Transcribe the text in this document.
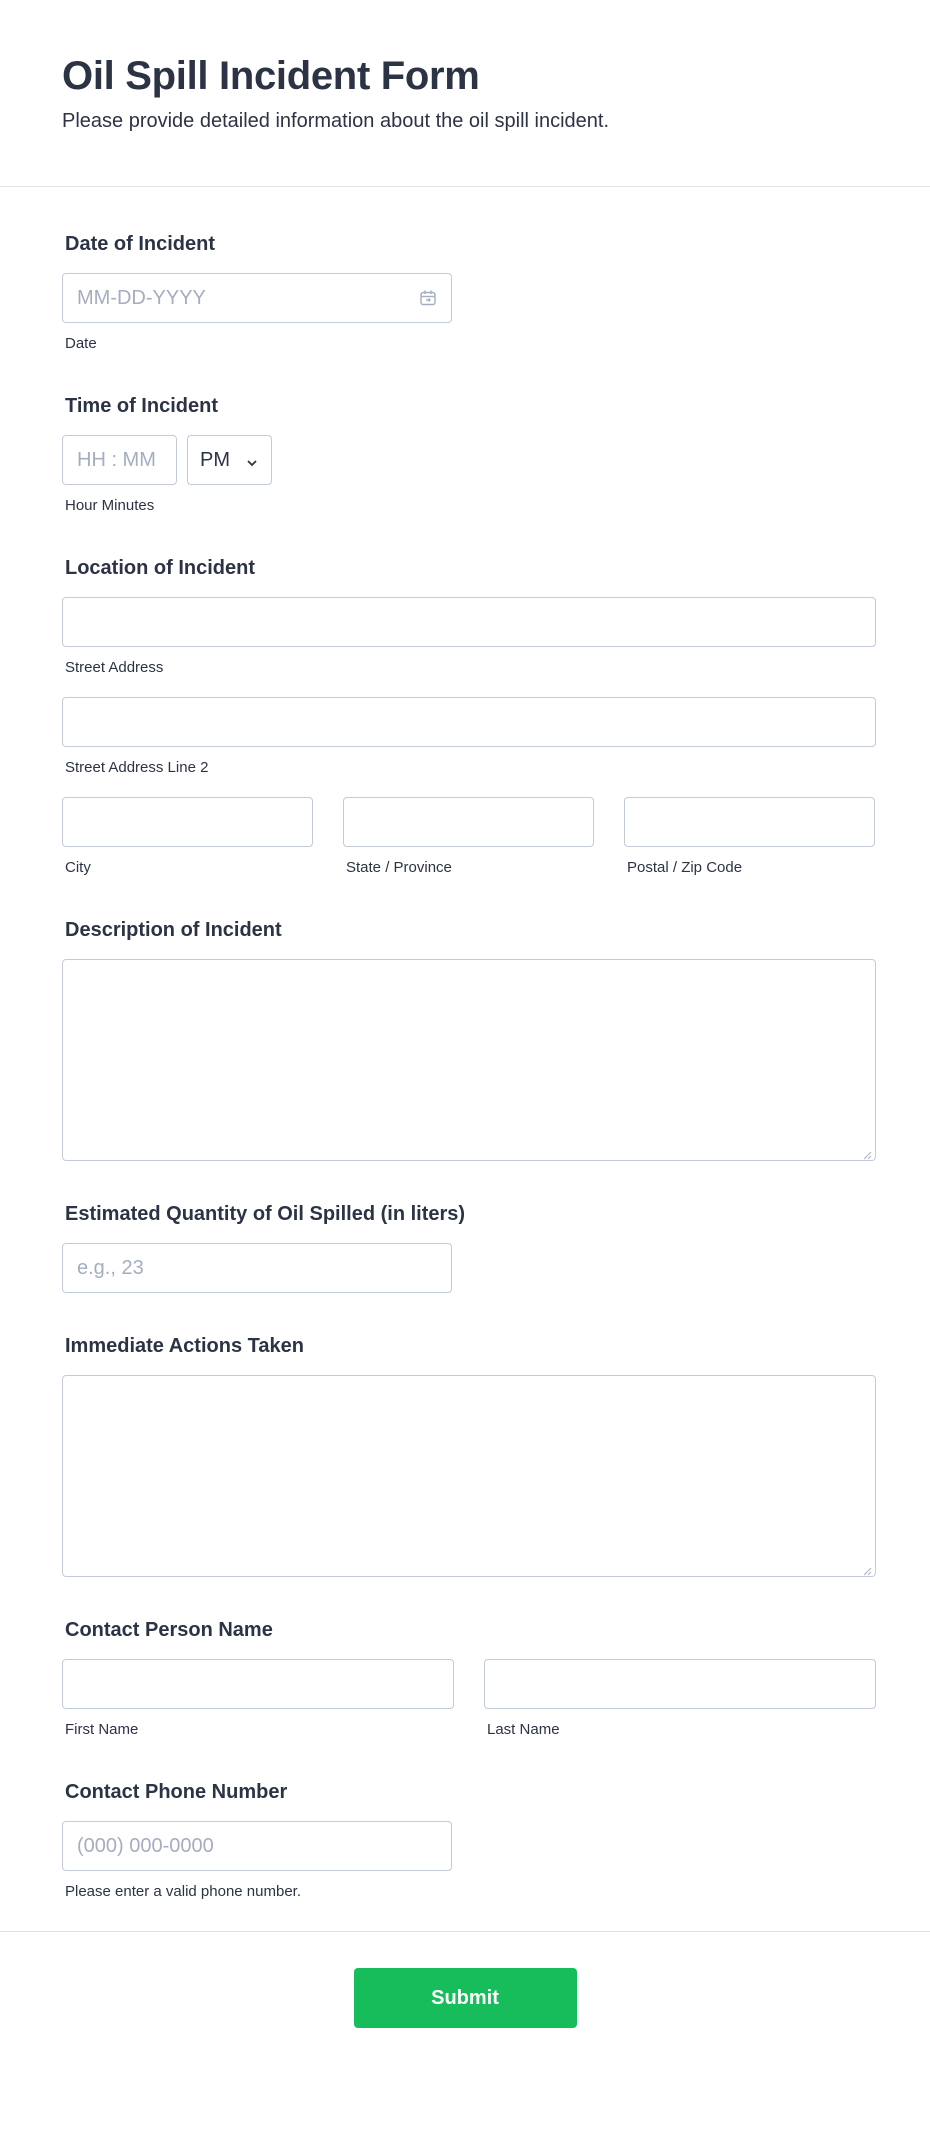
Oil Spill Incident Form

Please provide detailed information about the oil spill incident.

Date of Incident
MM-DD-YYYY
Date
Time of Incident
HH : MM PM
Hour Minutes
Location of Incident
Street Address
Street Address Line 2
City	State / Province	Postal / Zip Code
Description of Incident
Estimated Quantity of Oil Spilled (in liters)
e.g., 23
Immediate Actions Taken
Contact Person Name
First Name	Last Name
Contact Phone Number
(000) 000-0000
Please enter a valid phone number.
Submit
